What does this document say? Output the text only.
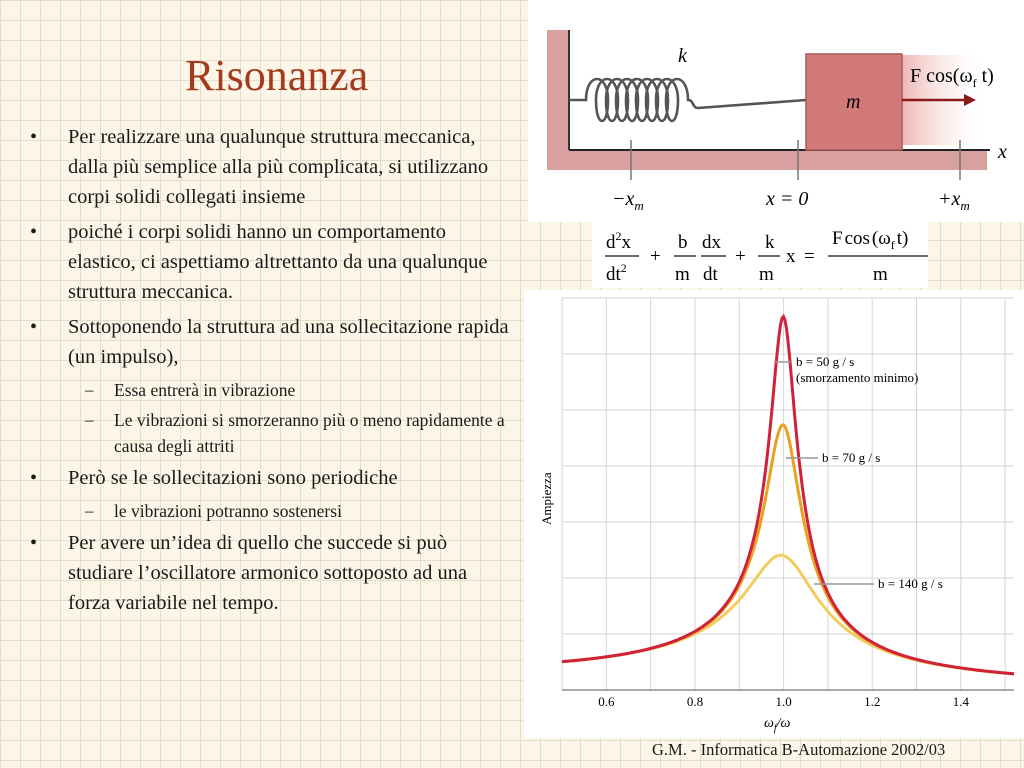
Risonanza
• Per realizzare una qualunque struttura meccanica, dalla più semplice alla più complicata, si utilizzano corpi solidi collegati insieme
• poiché i corpi solidi hanno un comportamento elastico, ci aspettiamo altrettanto da una qualunque struttura meccanica.
• Sottoponendo la struttura ad una sollecitazione rapida (un impulso),
– Essa entrerà in vibrazione
– Le vibrazioni si smorzeranno più o meno rapidamente a causa degli attriti
• Però se le sollecitazioni sono periodiche
– le vibrazioni potranno sostenersi
• Per avere un’idea di quello che succede si può studiare l’oscillatore armonico sottoposto ad una forza variabile nel tempo.
k
m
F $\cos(\omega_f$ t)
x
$-x_m$	x = 0	$+x_m$
$d^2x$
$dt^2$
+
b
m
dx
dt
+
k
m
x =
F $\cos (\omega_f$ t)
m
0.6	0.8	1.0	1.2	1.4
b = 50 g / s
(smorzamento minimo)
b = 70 g / s
b = 140 g / s
Ampiezza
$\omega_f/\omega$
G.M. - Informatica B-Automazione 2002/03
